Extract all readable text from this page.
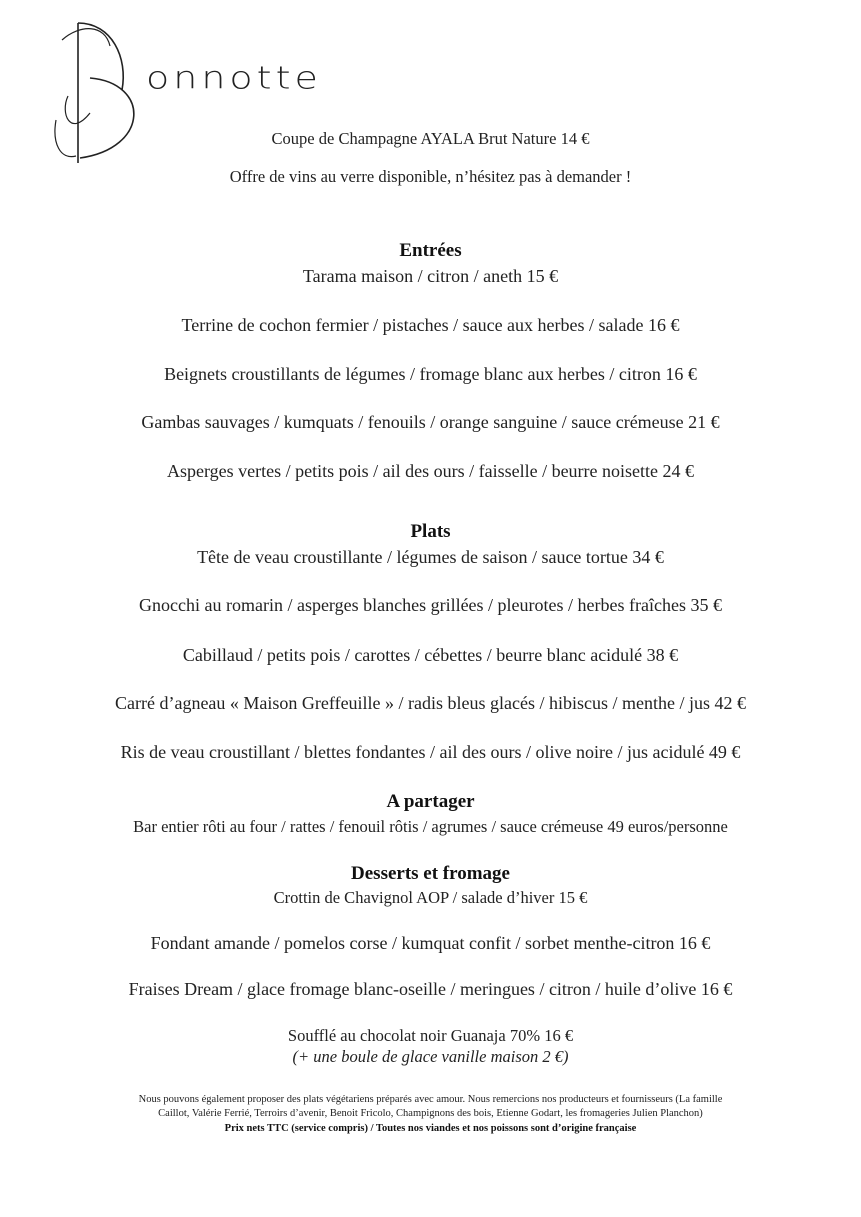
onnotte
Coupe de Champagne AYALA Brut Nature 14 €
Offre de vins au verre disponible, n’hésitez pas à demander !
Entrées
Tarama maison / citron / aneth 15 €
Terrine de cochon fermier / pistaches / sauce aux herbes / salade 16 €
Beignets croustillants de légumes / fromage blanc aux herbes / citron 16 €
Gambas sauvages / kumquats / fenouils / orange sanguine / sauce crémeuse 21 €
Asperges vertes / petits pois / ail des ours / faisselle / beurre noisette 24 €
Plats
Tête de veau croustillante / légumes de saison / sauce tortue 34 €
Gnocchi au romarin / asperges blanches grillées / pleurotes / herbes fraîches 35 €
Cabillaud / petits pois / carottes / cébettes / beurre blanc acidulé 38 €
Carré d’agneau « Maison Greffeuille » / radis bleus glacés / hibiscus / menthe / jus 42 €
Ris de veau croustillant / blettes fondantes / ail des ours / olive noire / jus acidulé 49 €
A partager
Bar entier rôti au four / rattes / fenouil rôtis / agrumes / sauce crémeuse 49 euros/personne
Desserts et fromage
Crottin de Chavignol AOP / salade d’hiver 15 €
Fondant amande / pomelos corse / kumquat confit / sorbet menthe-citron 16 €
Fraises Dream / glace fromage blanc-oseille / meringues / citron / huile d’olive 16 €
Soufflé au chocolat noir Guanaja 70% 16 €
(+ une boule de glace vanille maison 2 €)
Nous pouvons également proposer des plats végétariens préparés avec amour. Nous remercions nos producteurs et fournisseurs (La famille
Caillot, Valérie Ferrié, Terroirs d’avenir, Benoit Fricolo, Champignons des bois, Etienne Godart, les fromageries Julien Planchon)
Prix nets TTC (service compris) / Toutes nos viandes et nos poissons sont d’origine française
